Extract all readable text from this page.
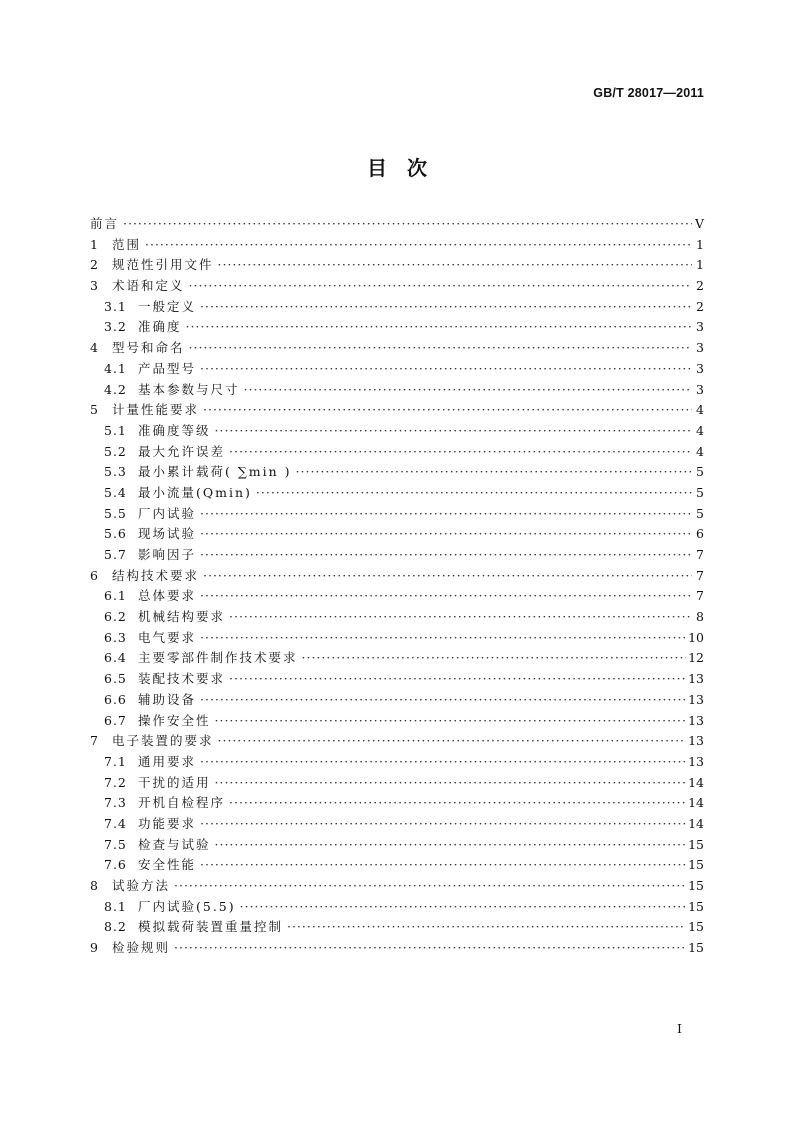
GB/T 28017—2011
目　次
前言 ·····	V
1	范围 ·····	1
2	规范性引用文件 ·····	1
3	术语和定义 ·····	2
3.1 一般定义 ·····	2
3.2 准确度 ·····	3
4	型号和命名 ·····	3
4.1 产品型号 ·····	3
4.2 基本参数与尺寸 ·····	3
5	计量性能要求 ·····	4
5.1 准确度等级 ·····	4
5.2 最大允许误差 ·····	4
5.3 最小累计载荷( ∑min ) ·····	5
5.4 最小流量(Qmin) ·····	5
5.5 厂内试验 ·····	5
5.6 现场试验 ·····	6
5.7 影响因子 ·····	7
6	结构技术要求 ·····	7
6.1 总体要求 ·····	7
6.2 机械结构要求 ·····	8
6.3 电气要求 ·····	10
6.4 主要零部件制作技术要求 ·····	12
6.5 装配技术要求 ·····	13
6.6 辅助设备 ·····	13
6.7 操作安全性 ·····	13
7	电子装置的要求 ·····	13
7.1 通用要求 ·····	13
7.2 干扰的适用 ·····	14
7.3 开机自检程序 ·····	14
7.4 功能要求 ·····	14
7.5 检查与试验 ·····	15
7.6 安全性能 ·····	15
8	试验方法 ·····	15
8.1 厂内试验(5.5) ·····	15
8.2 模拟载荷装置重量控制 ·····	15
9	检验规则 ·····	15
I
